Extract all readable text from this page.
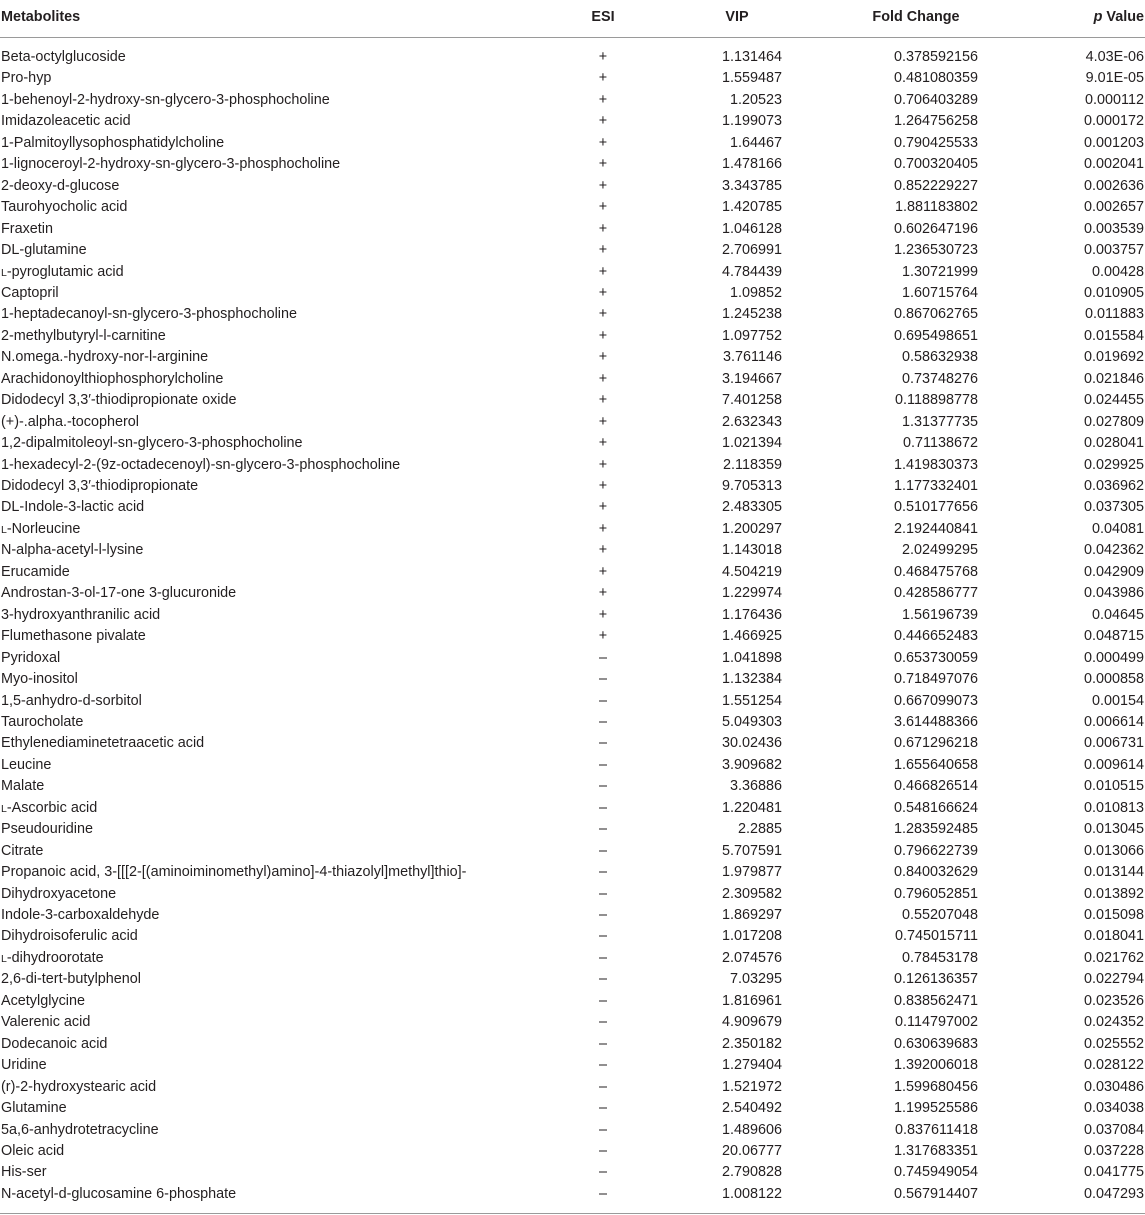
Metabolites	ESI	VIP	Fold Change	p Value
Beta-octylglucoside	+	1.131464	0.378592156	4.03E-06
Pro-hyp	+	1.559487	0.481080359	9.01E-05
1-behenoyl-2-hydroxy-sn-glycero-3-phosphocholine	+	1.20523	0.706403289	0.000112
Imidazoleacetic acid	+	1.199073	1.264756258	0.000172
1-Palmitoyllysophosphatidylcholine	+	1.64467	0.790425533	0.001203
1-lignoceroyl-2-hydroxy-sn-glycero-3-phosphocholine	+	1.478166	0.700320405	0.002041
2-deoxy-d-glucose	+	3.343785	0.852229227	0.002636
Taurohyocholic acid	+	1.420785	1.881183802	0.002657
Fraxetin	+	1.046128	0.602647196	0.003539
DL-glutamine	+	2.706991	1.236530723	0.003757
L-pyroglutamic acid	+	4.784439	1.30721999	0.00428
Captopril	+	1.09852	1.60715764	0.010905
1-heptadecanoyl-sn-glycero-3-phosphocholine	+	1.245238	0.867062765	0.011883
2-methylbutyryl-l-carnitine	+	1.097752	0.695498651	0.015584
N.omega.-hydroxy-nor-l-arginine	+	3.761146	0.58632938	0.019692
Arachidonoylthiophosphorylcholine	+	3.194667	0.73748276	0.021846
Didodecyl 3,3′-thiodipropionate oxide	+	7.401258	0.118898778	0.024455
(+)-.alpha.-tocopherol	+	2.632343	1.31377735	0.027809
1,2-dipalmitoleoyl-sn-glycero-3-phosphocholine	+	1.021394	0.71138672	0.028041
1-hexadecyl-2-(9z-octadecenoyl)-sn-glycero-3-phosphocholine	+	2.118359	1.419830373	0.029925
Didodecyl 3,3′-thiodipropionate	+	9.705313	1.177332401	0.036962
DL-Indole-3-lactic acid	+	2.483305	0.510177656	0.037305
L-Norleucine	+	1.200297	2.192440841	0.04081
N-alpha-acetyl-l-lysine	+	1.143018	2.02499295	0.042362
Erucamide	+	4.504219	0.468475768	0.042909
Androstan-3-ol-17-one 3-glucuronide	+	1.229974	0.428586777	0.043986
3-hydroxyanthranilic acid	+	1.176436	1.56196739	0.04645
Flumethasone pivalate	+	1.466925	0.446652483	0.048715
Pyridoxal	–	1.041898	0.653730059	0.000499
Myo-inositol	–	1.132384	0.718497076	0.000858
1,5-anhydro-d-sorbitol	–	1.551254	0.667099073	0.00154
Taurocholate	–	5.049303	3.614488366	0.006614
Ethylenediaminetetraacetic acid	–	30.02436	0.671296218	0.006731
Leucine	–	3.909682	1.655640658	0.009614
Malate	–	3.36886	0.466826514	0.010515
L-Ascorbic acid	–	1.220481	0.548166624	0.010813
Pseudouridine	–	2.2885	1.283592485	0.013045
Citrate	–	5.707591	0.796622739	0.013066
Propanoic acid, 3-[[[2-[(aminoiminomethyl)amino]-4-thiazolyl]methyl]thio]-	–	1.979877	0.840032629	0.013144
Dihydroxyacetone	–	2.309582	0.796052851	0.013892
Indole-3-carboxaldehyde	–	1.869297	0.55207048	0.015098
Dihydroisoferulic acid	–	1.017208	0.745015711	0.018041
L-dihydroorotate	–	2.074576	0.78453178	0.021762
2,6-di-tert-butylphenol	–	7.03295	0.126136357	0.022794
Acetylglycine	–	1.816961	0.838562471	0.023526
Valerenic acid	–	4.909679	0.114797002	0.024352
Dodecanoic acid	–	2.350182	0.630639683	0.025552
Uridine	–	1.279404	1.392006018	0.028122
(r)-2-hydroxystearic acid	–	1.521972	1.599680456	0.030486
Glutamine	–	2.540492	1.199525586	0.034038
5a,6-anhydrotetracycline	–	1.489606	0.837611418	0.037084
Oleic acid	–	20.06777	1.317683351	0.037228
His-ser	–	2.790828	0.745949054	0.041775
N-acetyl-d-glucosamine 6-phosphate	–	1.008122	0.567914407	0.047293
